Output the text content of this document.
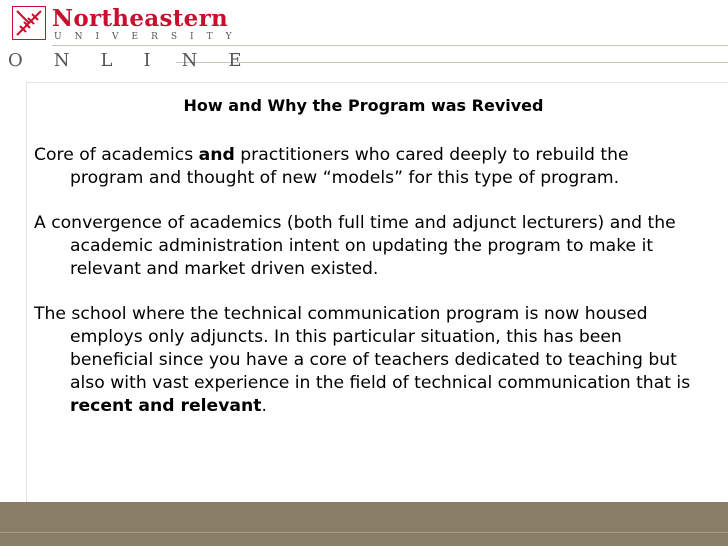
Northeastern
UNIVERSITY
ONLINE
How and Why the Program was Revived

Core of academics and practitioners who cared deeply to rebuild the program and thought of new “models” for this type of program.

A convergence of academics (both full time and adjunct lecturers) and the academic administration intent on updating the program to make it relevant and market driven existed.

The school where the technical communication program is now housed employs only adjuncts. In this particular situation, this has been beneficial since you have a core of teachers dedicated to teaching but also with vast experience in the field of technical communication that is recent and relevant.
